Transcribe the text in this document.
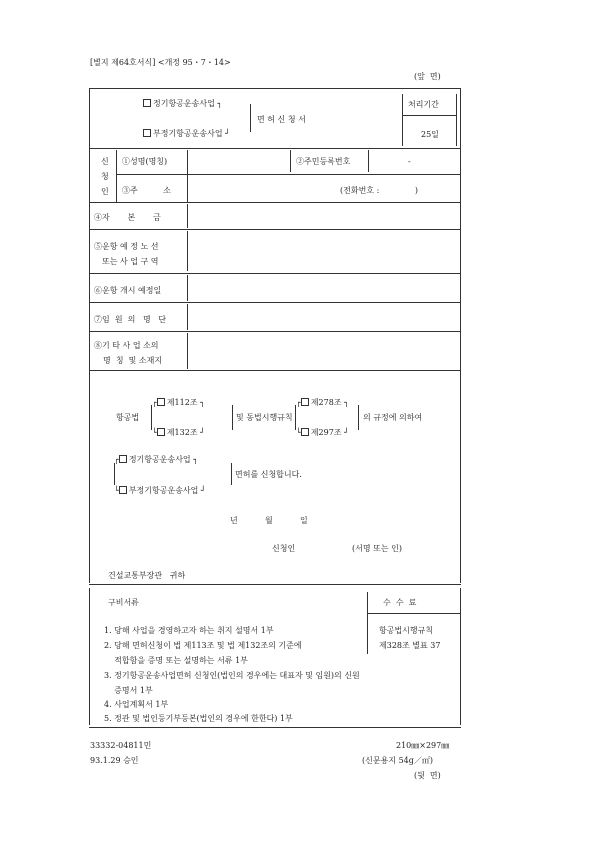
[별지 제64호서식] <개정 95・7・14>
(앞  면)
정기항공운송사업 ┐
부정기항공운송사업 ┘
면 허 신 청 서
처리기간
25일
신
청
인
①성명(명칭)	②주민등록번호	-
③주          소	(전화번호 :              )
④자       본       금
⑤운항 예 정 노 선
또는 사 업 구 역
⑥운항 개시 예정일
⑦임  원  의   명   단
⑧기 타 사 업 소의
명  칭  및 소재지
┌ 제112조 ┐
항공법
└ 제132조 ┘
및 동법시행규칙
┌ 제278조 ┐
└ 제297조 ┘
의 규정에 의하여
┌ 정기항공운송사업 ┐
면허를 신청합니다.
└ 부정기항공운송사업 ┘
년	월	일
신청인	(서명 또는 인)
건설교통부장관   귀하
구비서류	수  수  료
항공법시행규칙
제328조 별표 37
1. 당해 사업을 경영하고자 하는 취지 설명서 1부
2. 당해 면허신청이 법 제113조 및 법 제132조의 기준에
적합함을 증명 또는 설명하는 서류 1부
3. 정기항공운송사업면허 신청인(법인의 경우에는 대표자 및 임원)의 신원
증명서 1부
4. 사업계획서 1부
5. 정관 및 법인등기부등본(법인의 경우에 한한다) 1부
33332-04811민
93.1.29 승인
210㎜×297㎜
(신문용지 54g／㎡)
(뒷  면)
